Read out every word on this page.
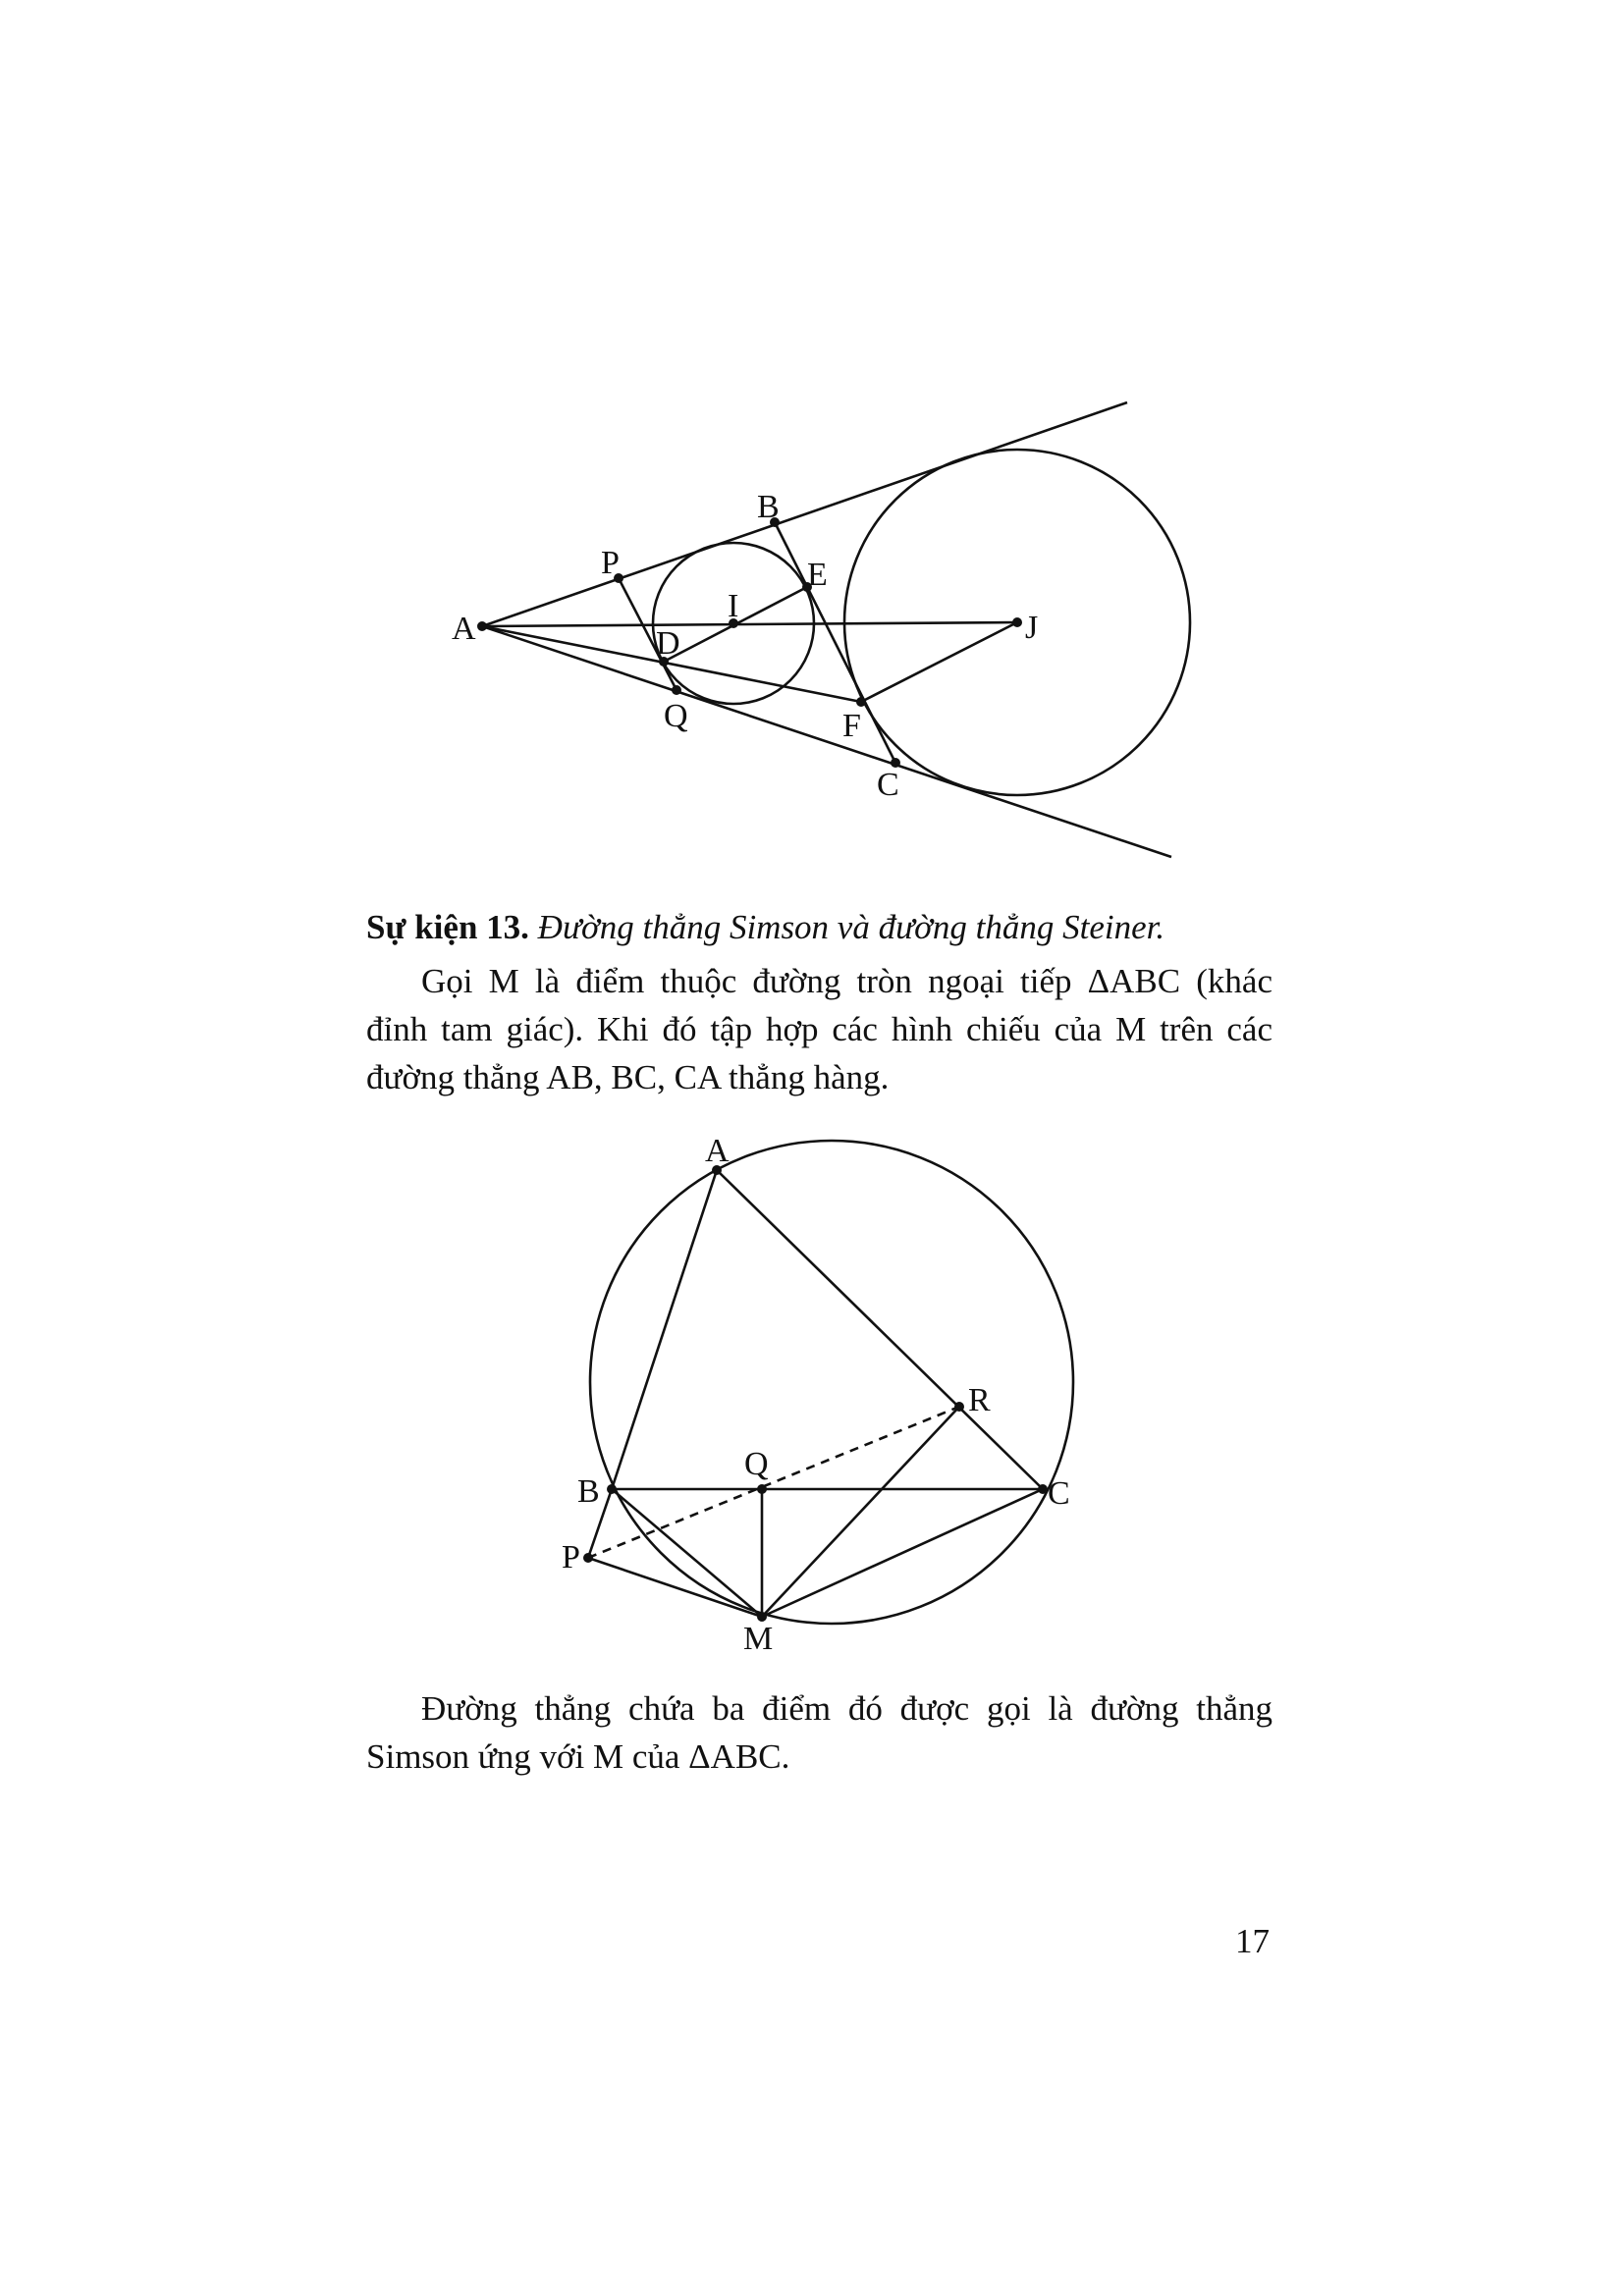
A
B
P	E
I
J
D
Q	F
C
Sự kiện 13. Đường thẳng Simson và đường thẳng Steiner.
Gọi M là điểm thuộc đường tròn ngoại tiếp ΔABC (khác
đỉnh tam giác). Khi đó tập hợp các hình chiếu của M trên các
đường thẳng AB, BC, CA thẳng hàng.
A
R
Q
B	C
P
M
Đường thẳng chứa ba điểm đó được gọi là đường thẳng
Simson ứng với M của ΔABC.
17
